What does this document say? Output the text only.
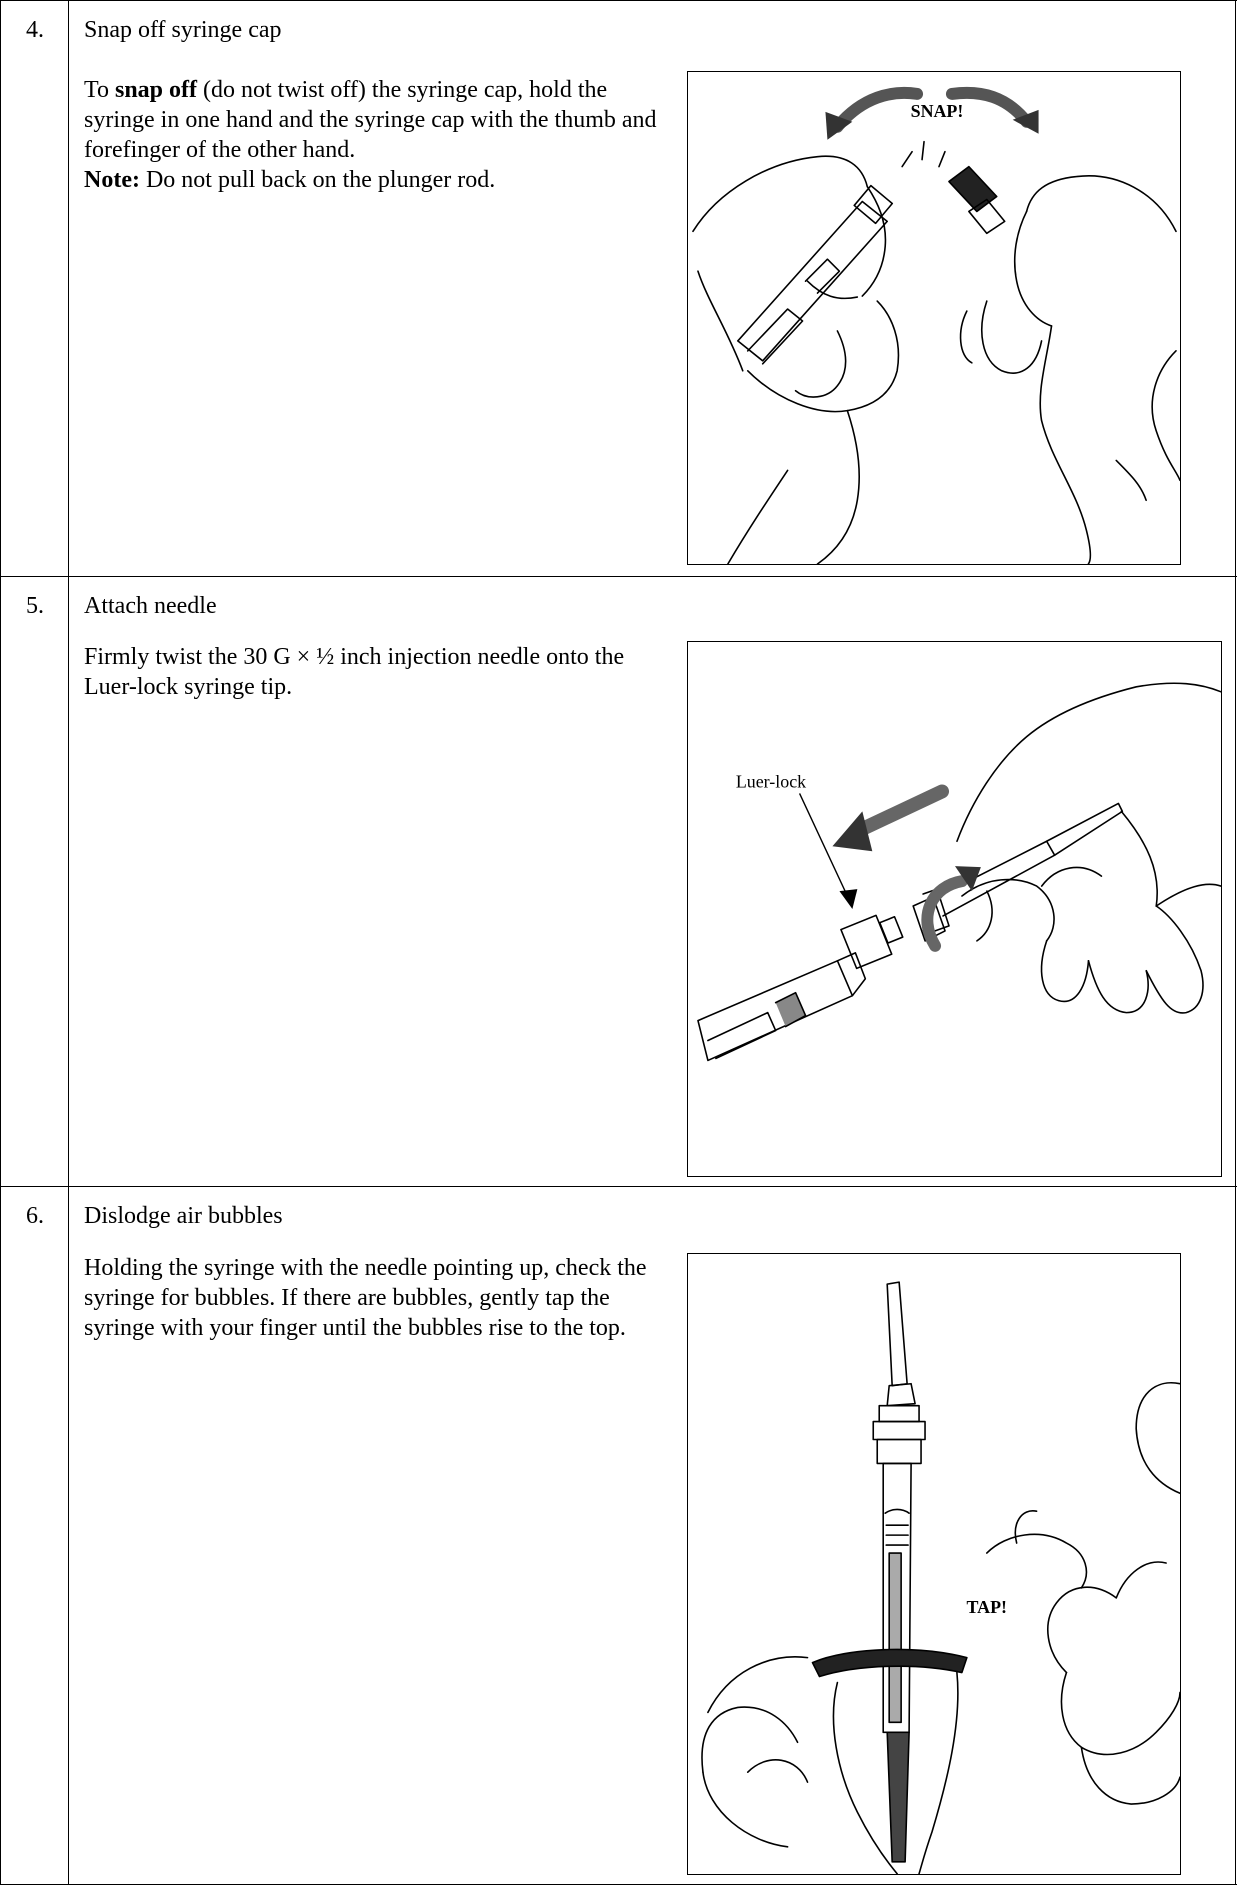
4.	Snap off syringe cap
To snap off (do not twist off) the syringe cap, hold the syringe in one hand and the syringe cap with the thumb and forefinger of the other hand.
Note: Do not pull back on the plunger rod.
SNAP!
5.	Attach needle
Firmly twist the 30 G × ½ inch injection needle onto the Luer-lock syringe tip.
Luer-lock
6.	Dislodge air bubbles
Holding the syringe with the needle pointing up, check the syringe for bubbles. If there are bubbles, gently tap the syringe with your finger until the bubbles rise to the top.
TAP!
